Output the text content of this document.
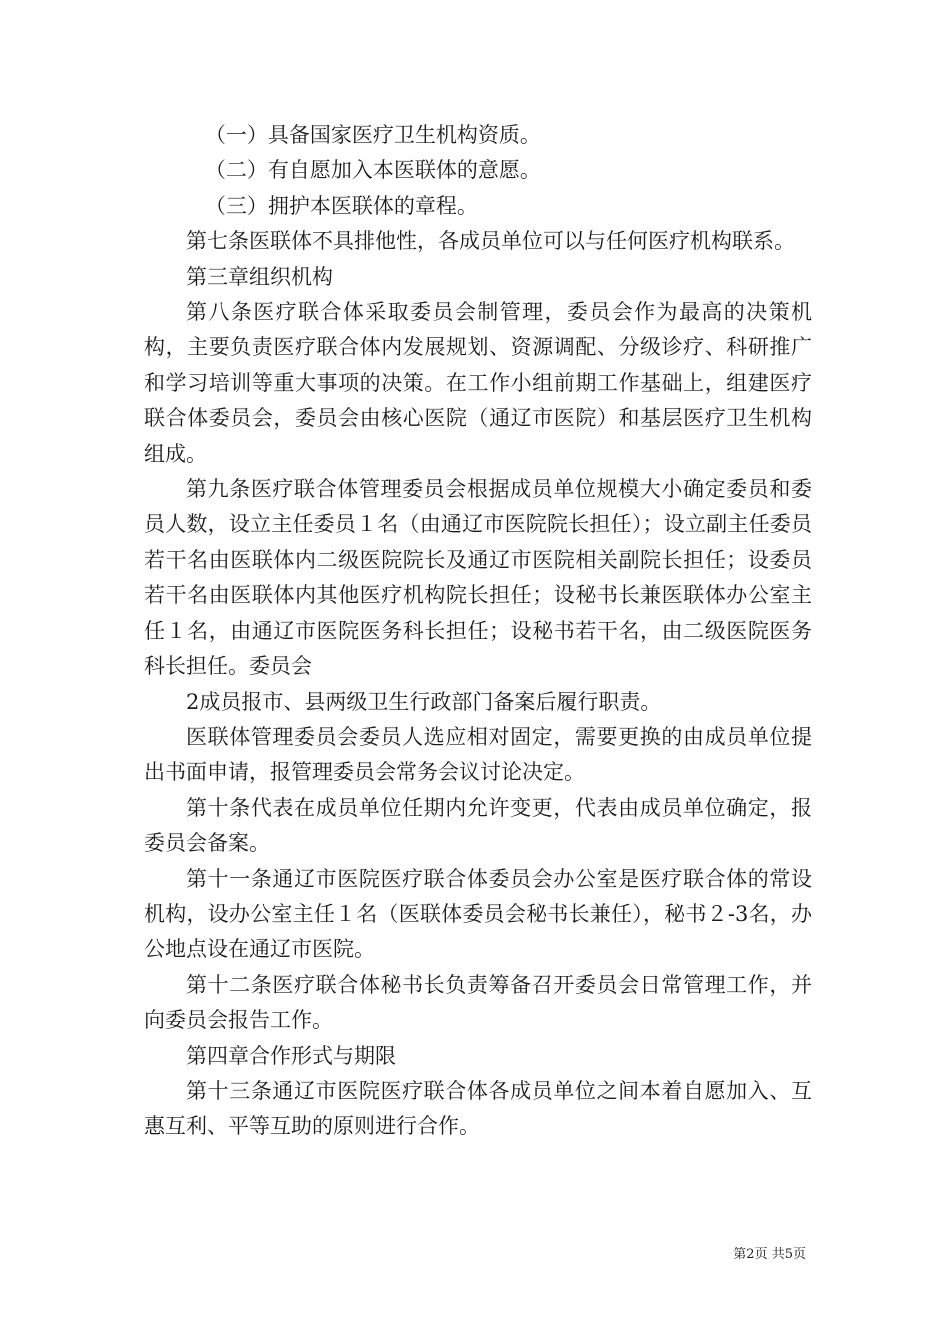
（一）具备国家医疗卫生机构资质。

（二）有自愿加入本医联体的意愿。

（三）拥护本医联体的章程。

第七条医联体不具排他性，各成员单位可以与任何医疗机构联系。

第三章组织机构

第八条医疗联合体采取委员会制管理，委员会作为最高的决策机构，主要负责医疗联合体内发展规划、资源调配、分级诊疗、科研推广和学习培训等重大事项的决策。在工作小组前期工作基础上，组建医疗联合体委员会，委员会由核心医院（通辽市医院）和基层医疗卫生机构组成。

第九条医疗联合体管理委员会根据成员单位规模大小确定委员和委员人数，设立主任委员１名（由通辽市医院院长担任）；设立副主任委员若干名由医联体内二级医院院长及通辽市医院相关副院长担任；设委员若干名由医联体内其他医疗机构院长担任；设秘书长兼医联体办公室主任１名，由通辽市医院医务科长担任；设秘书若干名，由二级医院医务科长担任。委员会

2成员报市、县两级卫生行政部门备案后履行职责。

医联体管理委员会委员人选应相对固定，需要更换的由成员单位提出书面申请，报管理委员会常务会议讨论决定。

第十条代表在成员单位任期内允许变更，代表由成员单位确定，报委员会备案。

第十一条通辽市医院医疗联合体委员会办公室是医疗联合体的常设机构，设办公室主任１名（医联体委员会秘书长兼任），秘书２-3名，办公地点设在通辽市医院。

第十二条医疗联合体秘书长负责筹备召开委员会日常管理工作，并向委员会报告工作。

第四章合作形式与期限

第十三条通辽市医院医疗联合体各成员单位之间本着自愿加入、互惠互利、平等互助的原则进行合作。

第2页 共5页
